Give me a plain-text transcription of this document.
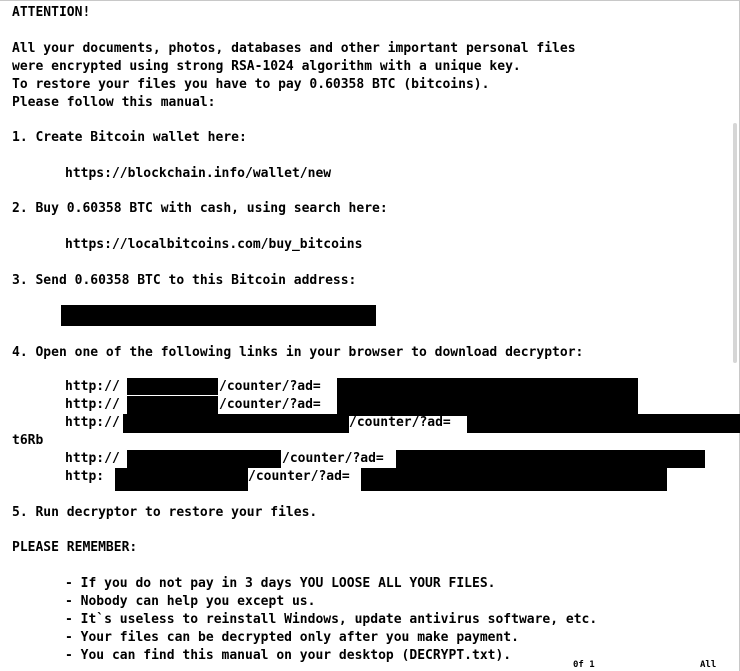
ATTENTION!
All your documents, photos, databases and other important personal files
were encrypted using strong RSA-1024 algorithm with a unique key.
To restore your files you have to pay 0.60358 BTC (bitcoins).
Please follow this manual:
1. Create Bitcoin wallet here:
https://blockchain.info/wallet/new
2. Buy 0.60358 BTC with cash, using search here:
https://localbitcoins.com/buy_bitcoins
3. Send 0.60358 BTC to this Bitcoin address:
4. Open one of the following links in your browser to download decryptor:
http://	/counter/?ad=
http://	/counter/?ad=
http://	/counter/?ad=
t6Rb
http://	/counter/?ad=
http:	/counter/?ad=
5. Run decryptor to restore your files.
PLEASE REMEMBER:
- If you do not pay in 3 days YOU LOOSE ALL YOUR FILES.
- Nobody can help you except us.
- It`s useless to reinstall Windows, update antivirus software, etc.
- Your files can be decrypted only after you make payment.
- You can find this manual on your desktop (DECRYPT.txt).
0f 1	All
